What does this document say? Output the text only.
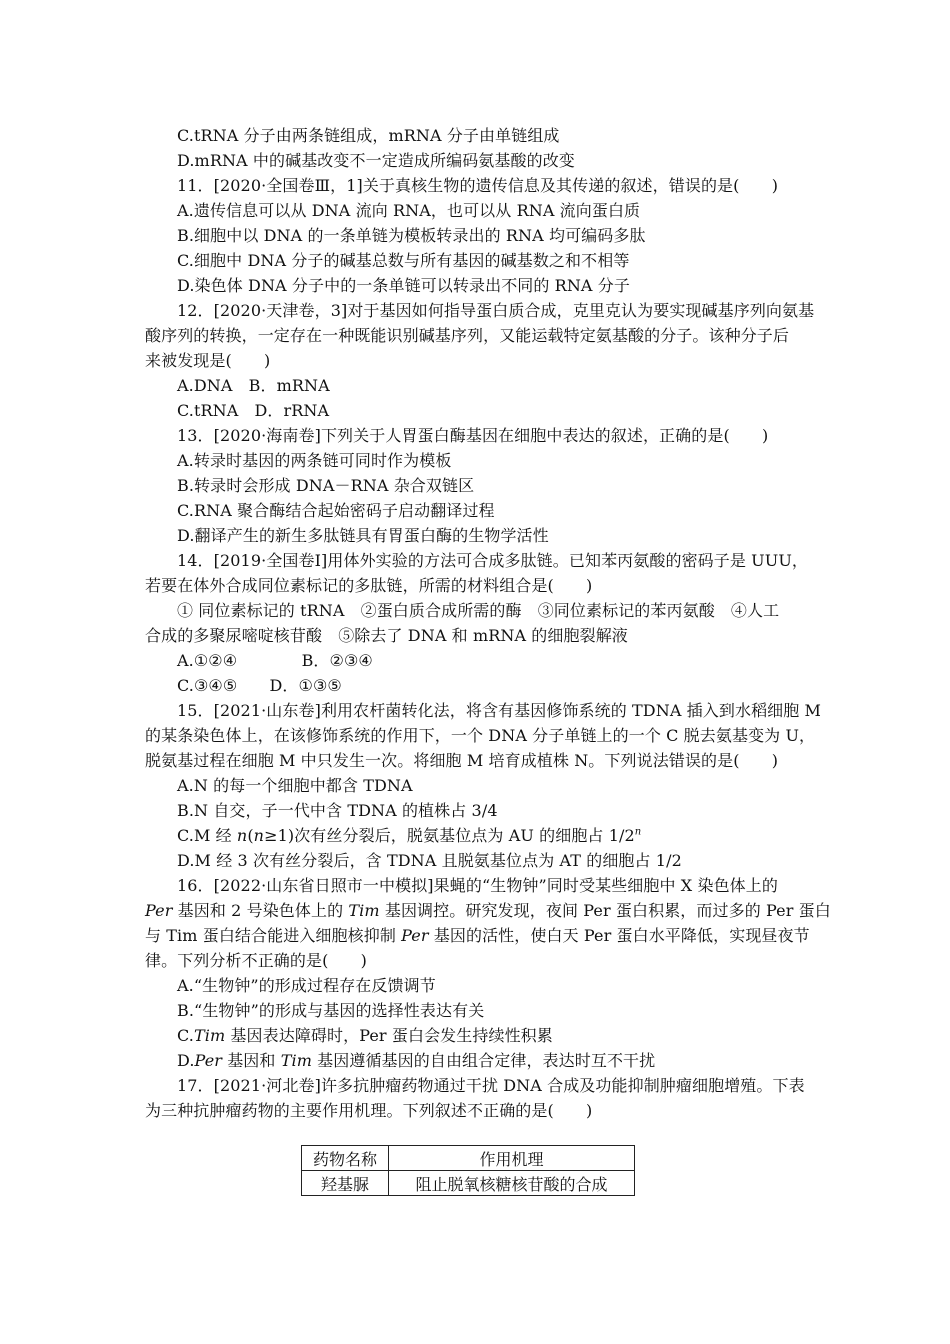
C.tRNA 分子由两条链组成，mRNA 分子由单链组成
D.mRNA 中的碱基改变不一定造成所编码氨基酸的改变
11．[2020·全国卷Ⅲ，1]关于真核生物的遗传信息及其传递的叙述，错误的是(　　)
A.遗传信息可以从 DNA 流向 RNA，也可以从 RNA 流向蛋白质
B.细胞中以 DNA 的一条单链为模板转录出的 RNA 均可编码多肽
C.细胞中 DNA 分子的碱基总数与所有基因的碱基数之和不相等
D.染色体 DNA 分子中的一条单链可以转录出不同的 RNA 分子
12．[2020·天津卷，3]对于基因如何指导蛋白质合成，克里克认为要实现碱基序列向氨基
酸序列的转换，一定存在一种既能识别碱基序列，又能运载特定氨基酸的分子。该种分子后
来被发现是(　　)
A.DNA　B．mRNA
C.tRNA　D．rRNA
13．[2020·海南卷]下列关于人胃蛋白酶基因在细胞中表达的叙述，正确的是(　　)
A.转录时基因的两条链可同时作为模板
B.转录时会形成 DNA－RNA 杂合双链区
C.RNA 聚合酶结合起始密码子启动翻译过程
D.翻译产生的新生多肽链具有胃蛋白酶的生物学活性
14．[2019·全国卷Ⅰ]用体外实验的方法可合成多肽链。已知苯丙氨酸的密码子是 UUU，
若要在体外合成同位素标记的多肽链，所需的材料组合是(　　)
① 同位素标记的 tRNA　②蛋白质合成所需的酶　③同位素标记的苯丙氨酸　④人工
合成的多聚尿嘧啶核苷酸　⑤除去了 DNA 和 mRNA 的细胞裂解液
A.①②④　　　　B．②③④
C.③④⑤　　D．①③⑤
15．[2021·山东卷]利用农杆菌转化法，将含有基因修饰系统的 TDNA 插入到水稻细胞 M
的某条染色体上，在该修饰系统的作用下，一个 DNA 分子单链上的一个 C 脱去氨基变为 U，
脱氨基过程在细胞 M 中只发生一次。将细胞 M 培育成植株 N。下列说法错误的是(　　)
A.N 的每一个细胞中都含 TDNA
B.N 自交，子一代中含 TDNA 的植株占 3/4
C.M 经 n(n≥1)次有丝分裂后，脱氨基位点为 AU 的细胞占 1/2$^n$
D.M 经 3 次有丝分裂后，含 TDNA 且脱氨基位点为 AT 的细胞占 1/2
16．[2022·山东省日照市一中模拟]果蝇的“生物钟”同时受某些细胞中 X 染色体上的
Per 基因和 2 号染色体上的 Tim 基因调控。研究发现，夜间 Per 蛋白积累，而过多的 Per 蛋白
与 Tim 蛋白结合能进入细胞核抑制 Per 基因的活性，使白天 Per 蛋白水平降低，实现昼夜节
律。下列分析不正确的是(　　)
A.“生物钟”的形成过程存在反馈调节
B.“生物钟”的形成与基因的选择性表达有关
C.Tim 基因表达障碍时，Per 蛋白会发生持续性积累
D.Per 基因和 Tim 基因遵循基因的自由组合定律，表达时互不干扰
17．[2021·河北卷]许多抗肿瘤药物通过干扰 DNA 合成及功能抑制肿瘤细胞增殖。下表
为三种抗肿瘤药物的主要作用机理。下列叙述不正确的是(　　)
药物名称	作用机理
羟基脲	阻止脱氧核糖核苷酸的合成
